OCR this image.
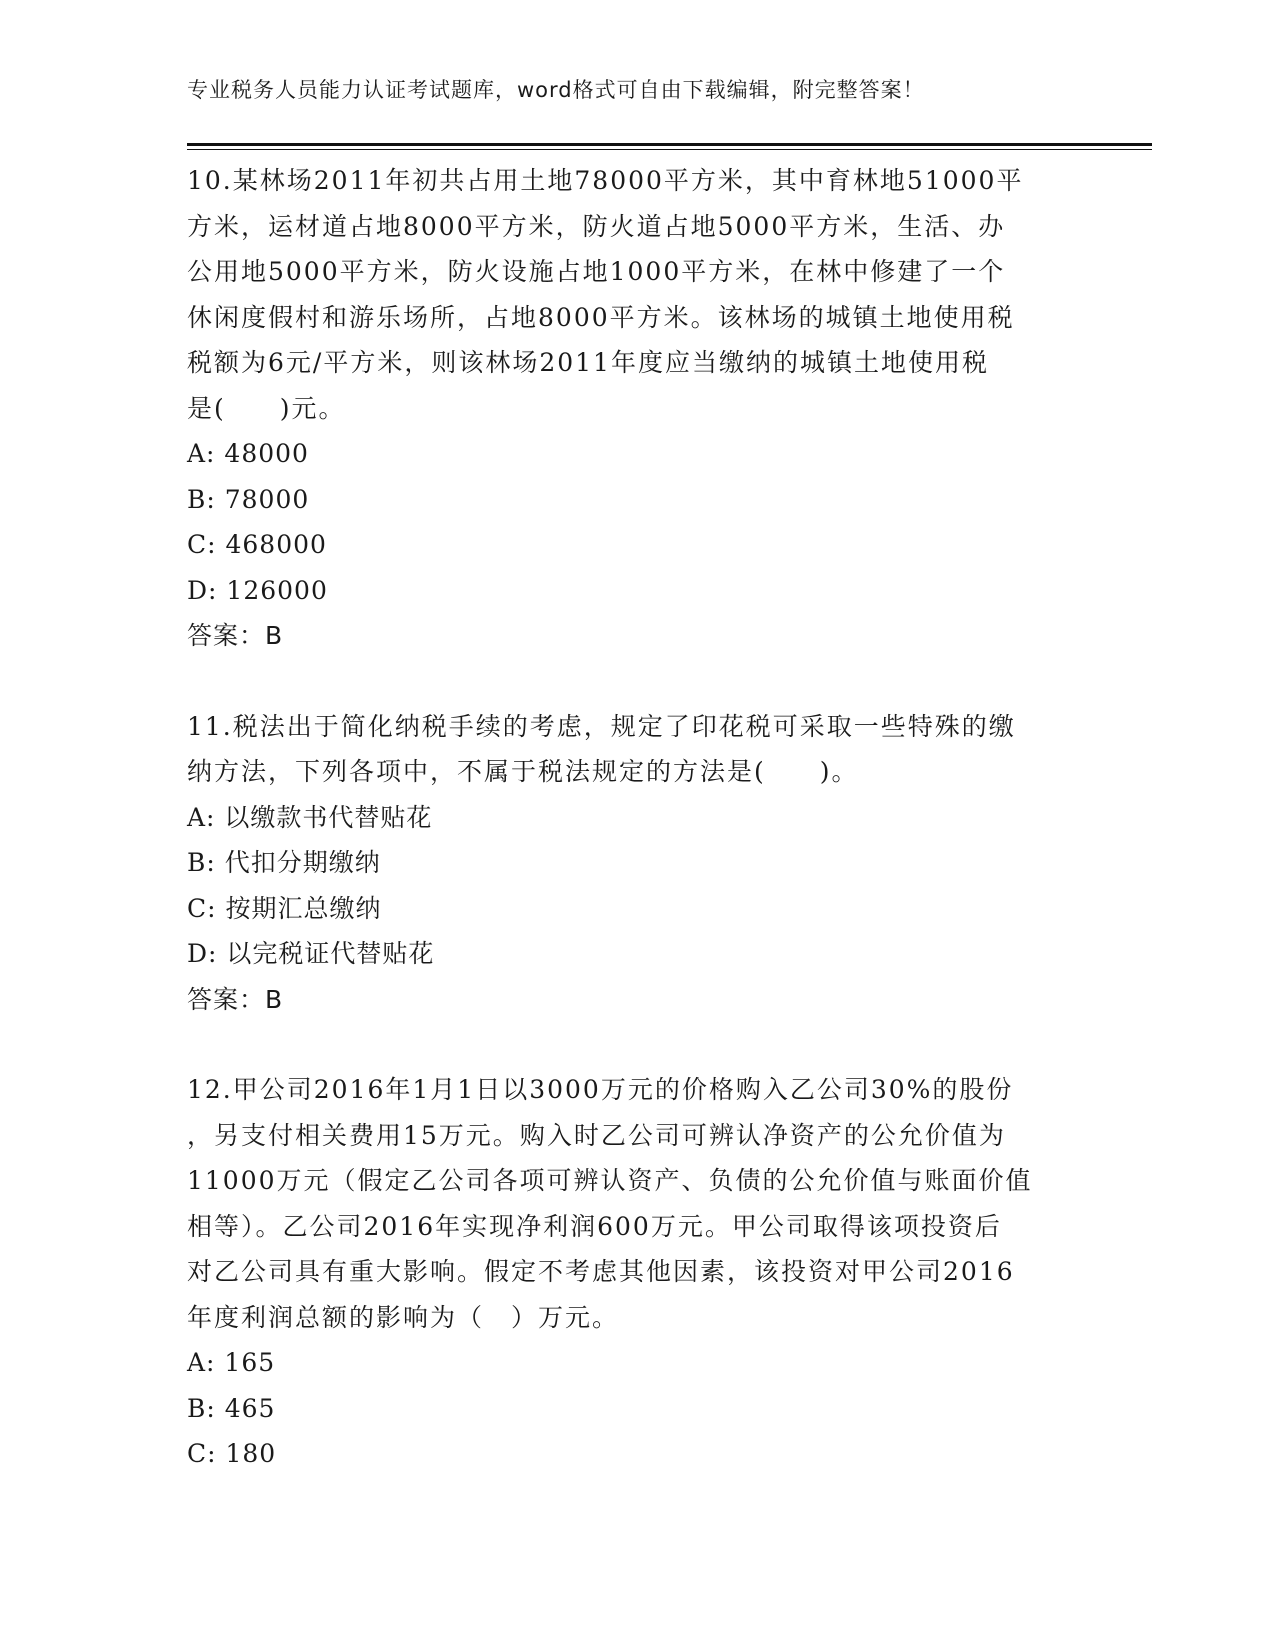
专业税务人员能力认证考试题库，word格式可自由下载编辑，附完整答案！
10.某林场2011年初共占用土地78000平方米，其中育林地51000平
方米，运材道占地8000平方米，防火道占地5000平方米，生活、办
公用地5000平方米，防火设施占地1000平方米，在林中修建了一个
休闲度假村和游乐场所，占地8000平方米。该林场的城镇土地使用税
税额为6元/平方米，则该林场2011年度应当缴纳的城镇土地使用税
是(　　)元。
A: 48000
B: 78000
C: 468000
D: 126000
答案：B
11.税法出于简化纳税手续的考虑，规定了印花税可采取一些特殊的缴
纳方法，下列各项中，不属于税法规定的方法是(　　)。
A: 以缴款书代替贴花
B: 代扣分期缴纳
C: 按期汇总缴纳
D: 以完税证代替贴花
答案：B
12.甲公司2016年1月1日以3000万元的价格购入乙公司30%的股份
，另支付相关费用15万元。购入时乙公司可辨认净资产的公允价值为
11000万元（假定乙公司各项可辨认资产、负债的公允价值与账面价值
相等）。乙公司2016年实现净利润600万元。甲公司取得该项投资后
对乙公司具有重大影响。假定不考虑其他因素，该投资对甲公司2016
年度利润总额的影响为（　）万元。
A: 165
B: 465
C: 180
